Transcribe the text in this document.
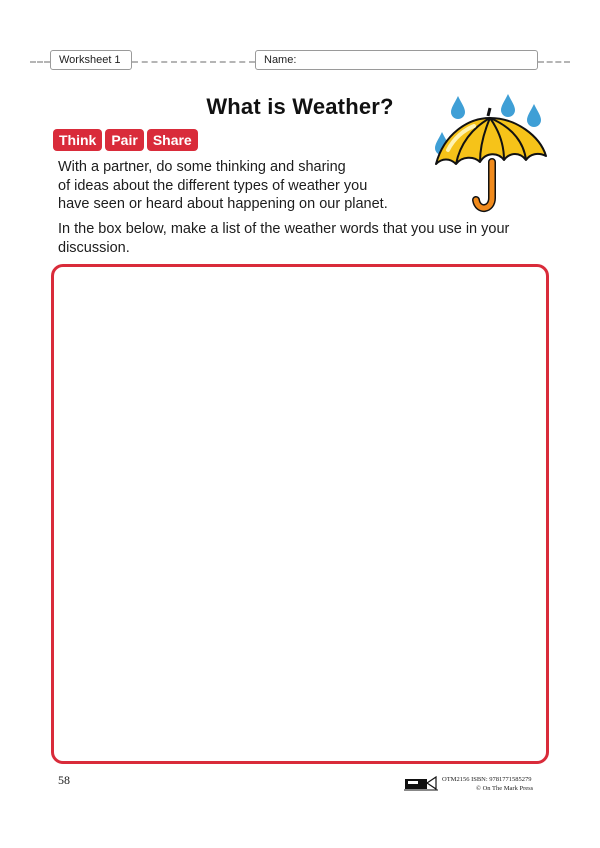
Worksheet 1	Name:
What is Weather?
Think	Pair	Share
With a partner, do some thinking and sharing
of ideas about the different types of weather you
have seen or heard about happening on our planet.
In the box below, make a list of the weather words that you use in your
discussion.
58	OTM2156 ISBN: 9781771585279
© On The Mark Press
